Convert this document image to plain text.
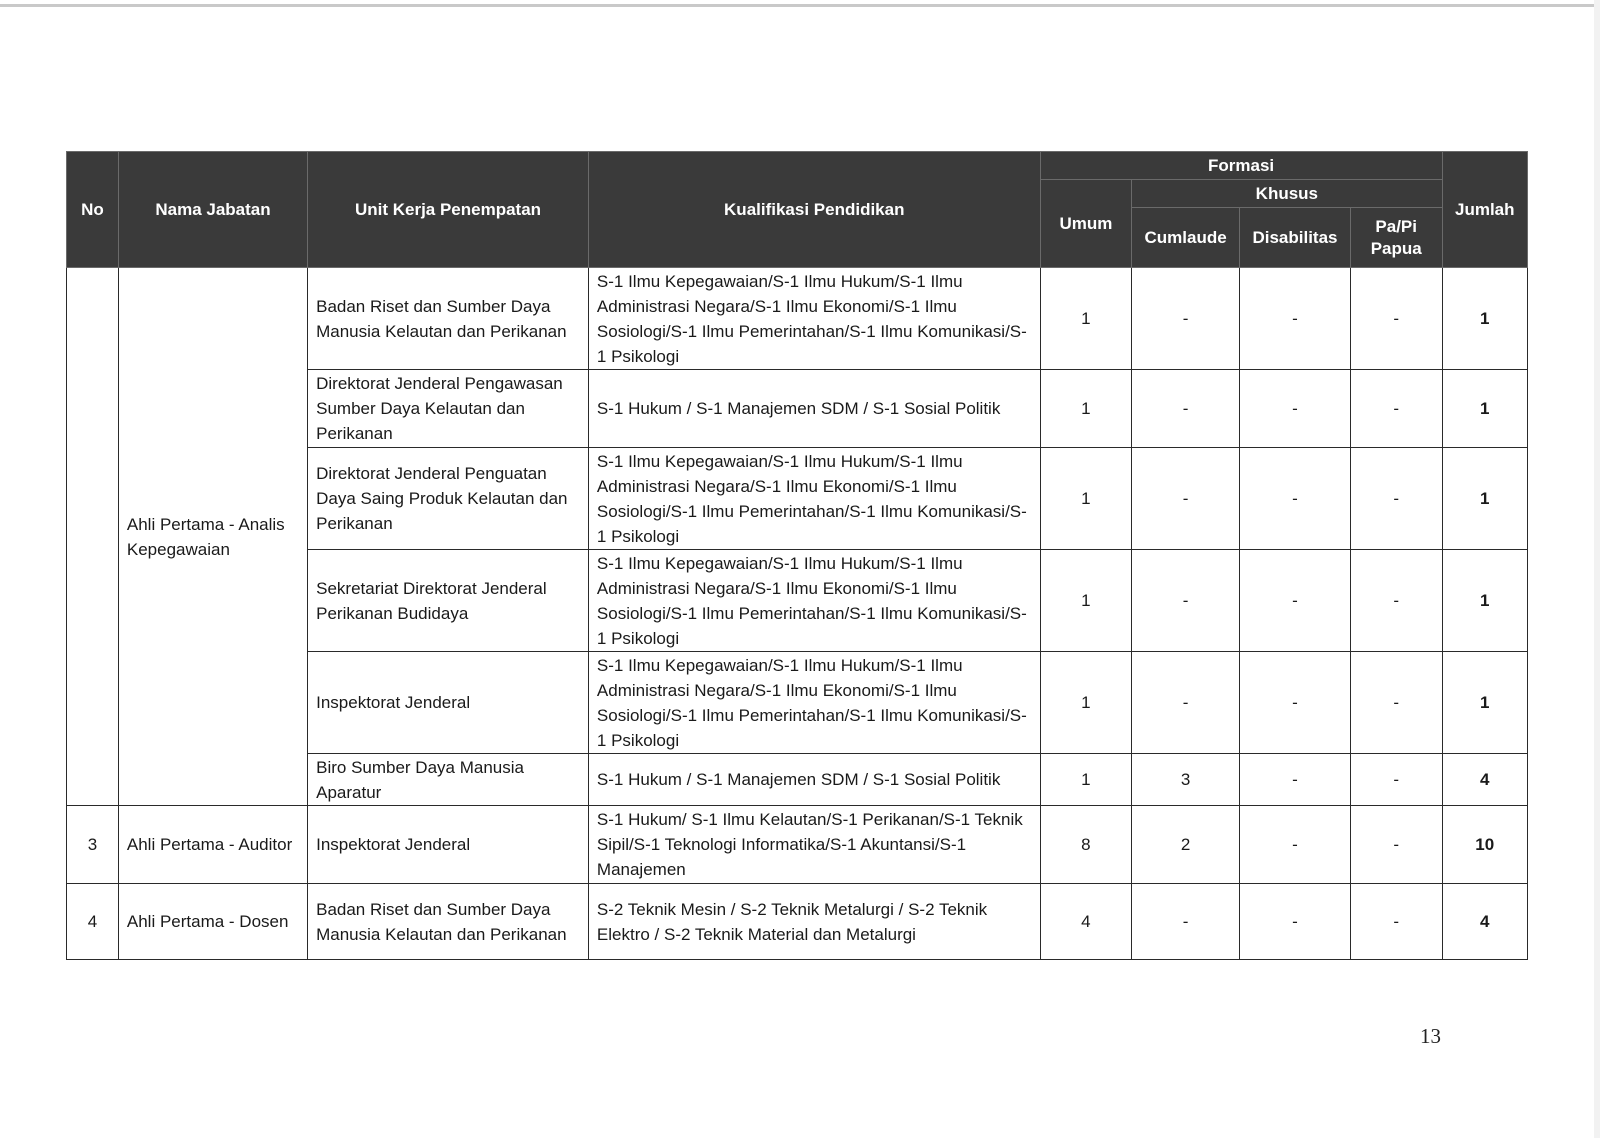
No	Nama Jabatan	Unit Kerja Penempatan	Kualifikasi Pendidikan	Formasi				Jumlah
				Umum	Khusus			
					Cumlaude	Disabilitas	Pa/Pi Papua	
	Ahli Pertama - Analis Kepegawaian	Badan Riset dan Sumber Daya Manusia Kelautan dan Perikanan	S-1 Ilmu Kepegawaian/S-1 Ilmu Hukum/S-1 Ilmu Administrasi Negara/S-1 Ilmu Ekonomi/S-1 Ilmu Sosiologi/S-1 Ilmu Pemerintahan/S-1 Ilmu Komunikasi/S-1 Psikologi	1	-	-	-	1
		Direktorat Jenderal Pengawasan Sumber Daya Kelautan dan Perikanan	S-1 Hukum / S-1 Manajemen SDM / S-1 Sosial Politik	1	-	-	-	1
		Direktorat Jenderal Penguatan Daya Saing Produk Kelautan dan Perikanan	S-1 Ilmu Kepegawaian/S-1 Ilmu Hukum/S-1 Ilmu Administrasi Negara/S-1 Ilmu Ekonomi/S-1 Ilmu Sosiologi/S-1 Ilmu Pemerintahan/S-1 Ilmu Komunikasi/S-1 Psikologi	1	-	-	-	1
		Sekretariat Direktorat Jenderal Perikanan Budidaya	S-1 Ilmu Kepegawaian/S-1 Ilmu Hukum/S-1 Ilmu Administrasi Negara/S-1 Ilmu Ekonomi/S-1 Ilmu Sosiologi/S-1 Ilmu Pemerintahan/S-1 Ilmu Komunikasi/S-1 Psikologi	1	-	-	-	1
		Inspektorat Jenderal	S-1 Ilmu Kepegawaian/S-1 Ilmu Hukum/S-1 Ilmu Administrasi Negara/S-1 Ilmu Ekonomi/S-1 Ilmu Sosiologi/S-1 Ilmu Pemerintahan/S-1 Ilmu Komunikasi/S-1 Psikologi	1	-	-	-	1
		Biro Sumber Daya Manusia Aparatur	S-1 Hukum / S-1 Manajemen SDM / S-1 Sosial Politik	1	3	-	-	4
3	Ahli Pertama - Auditor	Inspektorat Jenderal	S-1 Hukum/ S-1 Ilmu Kelautan/S-1 Perikanan/S-1 Teknik Sipil/S-1 Teknologi Informatika/S-1 Akuntansi/S-1 Manajemen	8	2	-	-	10
4	Ahli Pertama - Dosen	Badan Riset dan Sumber Daya Manusia Kelautan dan Perikanan	S-2 Teknik Mesin / S-2 Teknik Metalurgi / S-2 Teknik Elektro / S-2 Teknik Material dan Metalurgi	4	-	-	-	4
13
